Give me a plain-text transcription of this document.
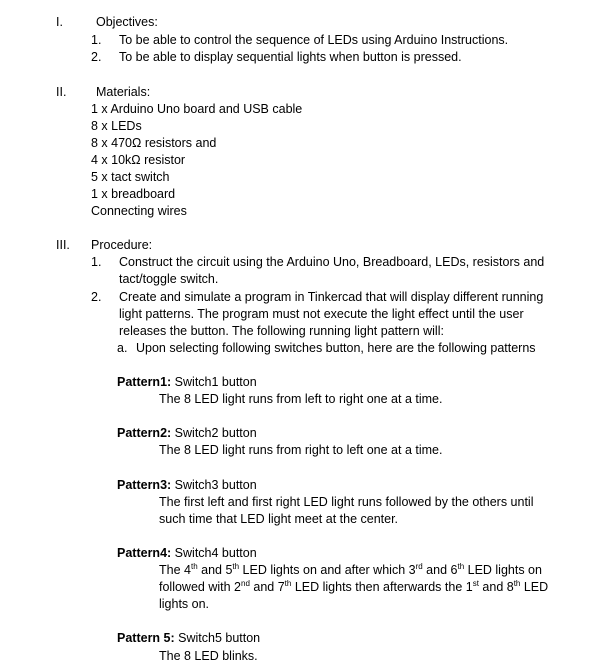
I.	Objectives:
1. To be able to control the sequence of LEDs using Arduino Instructions.
2. To be able to display sequential lights when button is pressed.
II. Materials:
1 x Arduino Uno board and USB cable
8 x LEDs
8 x 470Ω resistors and
4 x 10kΩ resistor
5 x tact switch
1 x breadboard
Connecting wires
III. Procedure:
1. Construct the circuit using the Arduino Uno, Breadboard, LEDs, resistors and
tact/toggle switch.
2. Create and simulate a program in Tinkercad that will display different running
light patterns. The program must not execute the light effect until the user
releases the button. The following running light pattern will:
a. Upon selecting following switches button, here are the following patterns
Pattern1: Switch1 button
The 8 LED light runs from left to right one at a time.
Pattern2: Switch2 button
The 8 LED light runs from right to left one at a time.
Pattern3: Switch3 button
The first left and first right LED light runs followed by the others until
such time that LED light meet at the center.
Pattern4: Switch4 button
The 4th and 5th LED lights on and after which 3rd and 6th LED lights on
followed with 2nd and 7th LED lights then afterwards the 1st and 8th LED
lights on.
Pattern 5: Switch5 button
The 8 LED blinks.
